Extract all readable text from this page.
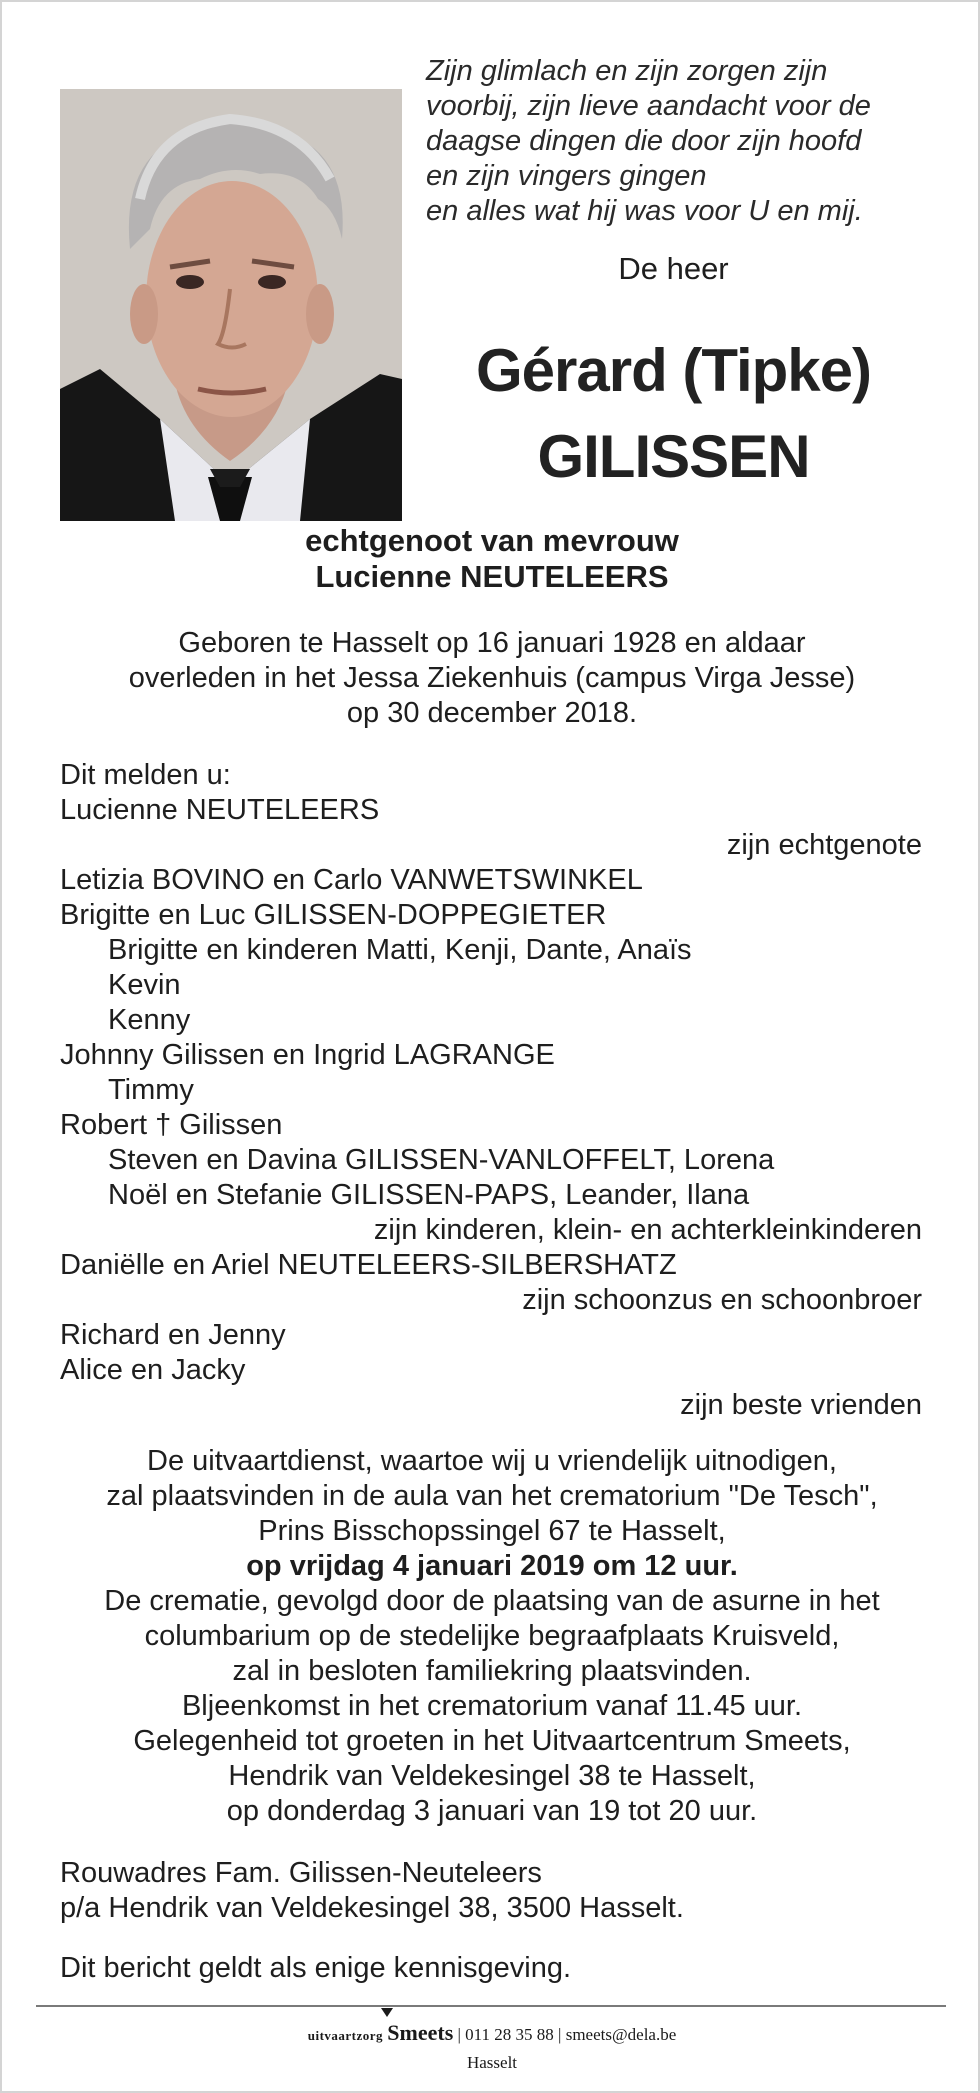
Zijn glimlach en zijn zorgen zijn
voorbij, zijn lieve aandacht voor de
daagse dingen die door zijn hoofd
en zijn vingers gingen
en alles wat hij was voor U en mij.
De heer
Gérard (Tipke)
GILISSEN
echtgenoot van mevrouw
Lucienne NEUTELEERS
Geboren te Hasselt op 16 januari 1928 en aldaar
overleden in het Jessa Ziekenhuis (campus Virga Jesse)
op 30 december 2018.
Dit melden u:
Lucienne NEUTELEERS
zijn echtgenote
Letizia BOVINO en Carlo VANWETSWINKEL
Brigitte en Luc GILISSEN-DOPPEGIETER
Brigitte en kinderen Matti, Kenji, Dante, Anaïs
Kevin
Kenny
Johnny Gilissen en Ingrid LAGRANGE
Timmy
Robert † Gilissen
Steven en Davina GILISSEN-VANLOFFELT, Lorena
Noël en Stefanie GILISSEN-PAPS, Leander, Ilana
zijn kinderen, klein- en achterkleinkinderen
Daniëlle en Ariel NEUTELEERS-SILBERSHATZ
zijn schoonzus en schoonbroer
Richard en Jenny
Alice en Jacky
zijn beste vrienden
De uitvaartdienst, waartoe wij u vriendelijk uitnodigen,
zal plaatsvinden in de aula van het crematorium "De Tesch",
Prins Bisschopssingel 67 te Hasselt,
op vrijdag 4 januari 2019 om 12 uur.
De crematie, gevolgd door de plaatsing van de asurne in het
columbarium op de stedelijke begraafplaats Kruisveld,
zal in besloten familiekring plaatsvinden.
Bljeenkomst in het crematorium vanaf 11.45 uur.
Gelegenheid tot groeten in het Uitvaartcentrum Smeets,
Hendrik van Veldekesingel 38 te Hasselt,
op donderdag 3 januari van 19 tot 20 uur.
Rouwadres Fam. Gilissen-Neuteleers
p/a Hendrik van Veldekesingel 38, 3500 Hasselt.
Dit bericht geldt als enige kennisgeving.
uitvaartzorg Smeets | 011 28 35 88 | smeets@dela.be
Hasselt
